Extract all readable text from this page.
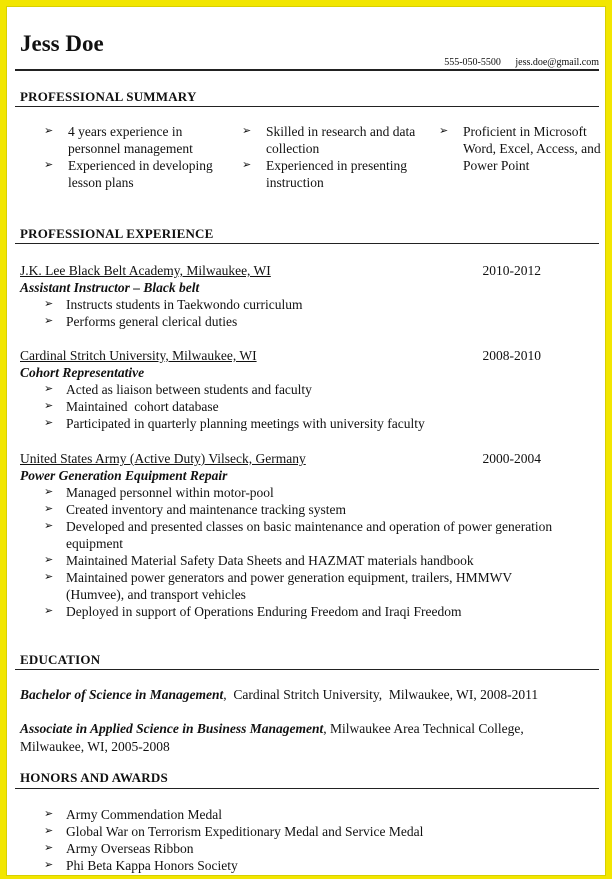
Jess Doe
555-050-5500 jess.doe@gmail.com
PROFESSIONAL SUMMARY
➢ 4 years experience in personnel management
➢ Experienced in developing lesson plans
➢ Skilled in research and data collection
➢ Experienced in presenting instruction
➢ Proficient in Microsoft Word, Excel, Access, and Power Point
PROFESSIONAL EXPERIENCE
J.K. Lee Black Belt Academy, Milwaukee, WI	2010-2012
Assistant Instructor – Black belt
➢ Instructs students in Taekwondo curriculum
➢ Performs general clerical duties
Cardinal Stritch University, Milwaukee, WI	2008-2010
Cohort Representative
➢ Acted as liaison between students and faculty
➢ Maintained  cohort database
➢ Participated in quarterly planning meetings with university faculty
United States Army (Active Duty) Vilseck, Germany	2000-2004
Power Generation Equipment Repair
➢ Managed personnel within motor-pool
➢ Created inventory and maintenance tracking system
➢ Developed and presented classes on basic maintenance and operation of power generation equipment
➢ Maintained Material Safety Data Sheets and HAZMAT materials handbook
➢ Maintained power generators and power generation equipment, trailers, HMMWV (Humvee), and transport vehicles
➢ Deployed in support of Operations Enduring Freedom and Iraqi Freedom
EDUCATION
Bachelor of Science in Management,  Cardinal Stritch University,  Milwaukee, WI, 2008-2011
Associate in Applied Science in Business Management, Milwaukee Area Technical College, Milwaukee, WI, 2005-2008
HONORS AND AWARDS
➢ Army Commendation Medal
➢ Global War on Terrorism Expeditionary Medal and Service Medal
➢ Army Overseas Ribbon
➢ Phi Beta Kappa Honors Society
